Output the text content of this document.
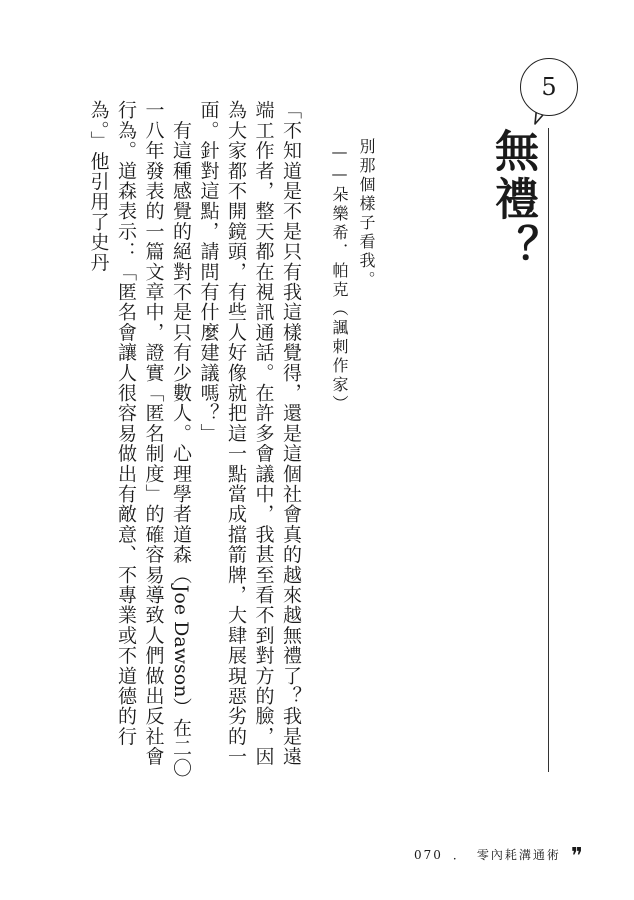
5
無禮？
別那個樣子看我。
——朵樂希．帕克（諷刺作家）

「不知道是不是只有我這樣覺得，還是這個社會真的越來越無禮了？我是遠端工作者，整天都在視訊通話。在許多會議中，我甚至看不到對方的臉，因為大家都不開鏡頭，有些人好像就把這一點當成擋箭牌，大肆展現惡劣的一面。針對這點，請問有什麼建議嗎？」

　有這種感覺的絕對不是只有少數人。心理學者道森（Joe Dawson）在二〇一八年發表的一篇文章中，證實「匿名制度」的確容易導致人們做出反社會行為。道森表示：「匿名會讓人很容易做出有敵意、不專業或不道德的行為。」他引用了史丹

070 ． 零內耗溝通術 ❞
